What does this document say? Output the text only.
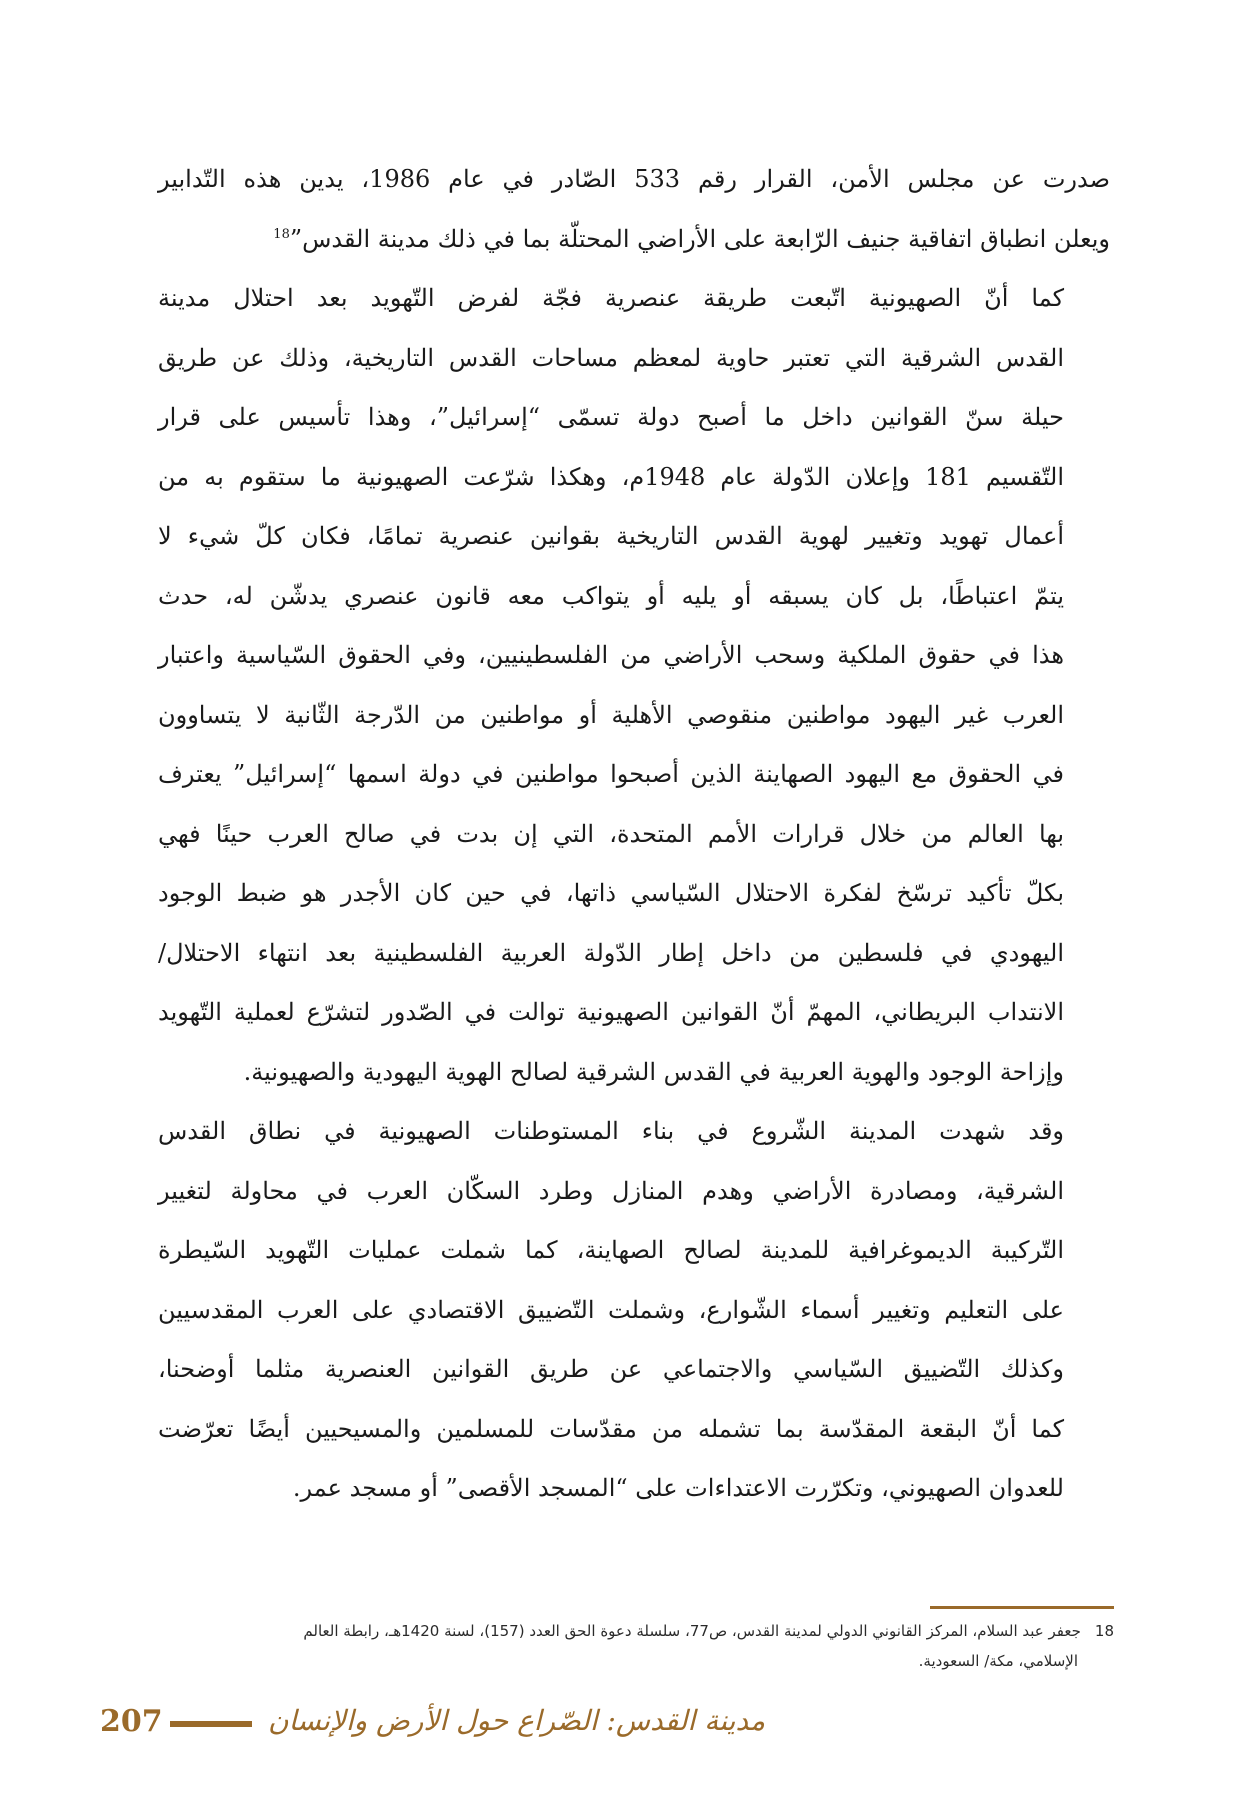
صدرت عن مجلس الأمن، القرار رقم 533 الصّادر في عام 1986، يدين هذه التّدابير
ويعلن انطباق اتفاقية جنيف الرّابعة على الأراضي المحتلّة بما في ذلك مدينة القدس”$^{18}$

كما أنّ الصهيونية اتّبعت طريقة عنصرية فجّة لفرض التّهويد بعد احتلال مدينة
القدس الشرقية التي تعتبر حاوية لمعظم مساحات القدس التاريخية، وذلك عن طريق
حيلة سنّ القوانين داخل ما أصبح دولة تسمّى “إسرائيل”، وهذا تأسيس على قرار
التّقسيم 181 وإعلان الدّولة عام 1948م، وهكذا شرّعت الصهيونية ما ستقوم به من
أعمال تهويد وتغيير لهوية القدس التاريخية بقوانين عنصرية تمامًا، فكان كلّ شيء لا
يتمّ اعتباطًا، بل كان يسبقه أو يليه أو يتواكب معه قانون عنصري يدشّن له، حدث
هذا في حقوق الملكية وسحب الأراضي من الفلسطينيين، وفي الحقوق السّياسية واعتبار
العرب غير اليهود مواطنين منقوصي الأهلية أو مواطنين من الدّرجة الثّانية لا يتساوون
في الحقوق مع اليهود الصهاينة الذين أصبحوا مواطنين في دولة اسمها “إسرائيل” يعترف
بها العالم من خلال قرارات الأمم المتحدة، التي إن بدت في صالح العرب حينًا فهي
بكلّ تأكيد ترسّخ لفكرة الاحتلال السّياسي ذاتها، في حين كان الأجدر هو ضبط الوجود
اليهودي في فلسطين من داخل إطار الدّولة العربية الفلسطينية بعد انتهاء الاحتلال/
الانتداب البريطاني، المهمّ أنّ القوانين الصهيونية توالت في الصّدور لتشرّع لعملية التّهويد
وإزاحة الوجود والهوية العربية في القدس الشرقية لصالح الهوية اليهودية والصهيونية.

وقد شهدت المدينة الشّروع في بناء المستوطنات الصهيونية في نطاق القدس
الشرقية، ومصادرة الأراضي وهدم المنازل وطرد السكّان العرب في محاولة لتغيير
التّركيبة الديموغرافية للمدينة لصالح الصهاينة، كما شملت عمليات التّهويد السّيطرة
على التعليم وتغيير أسماء الشّوارع، وشملت التّضييق الاقتصادي على العرب المقدسيين
وكذلك التّضييق السّياسي والاجتماعي عن طريق القوانين العنصرية مثلما أوضحنا،
كما أنّ البقعة المقدّسة بما تشمله من مقدّسات للمسلمين والمسيحيين أيضًا تعرّضت
للعدوان الصهيوني، وتكرّرت الاعتداءات على “المسجد الأقصى” أو مسجد عمر.

18جعفر عبد السلام، المركز القانوني الدولي لمدينة القدس، ص77، سلسلة دعوة الحق العدد (157)، لسنة 1420هـ، رابطة العالم
الإسلامي، مكة/ السعودية.
207	مدينة القدس: الصّراع حول الأرض والإنسان
